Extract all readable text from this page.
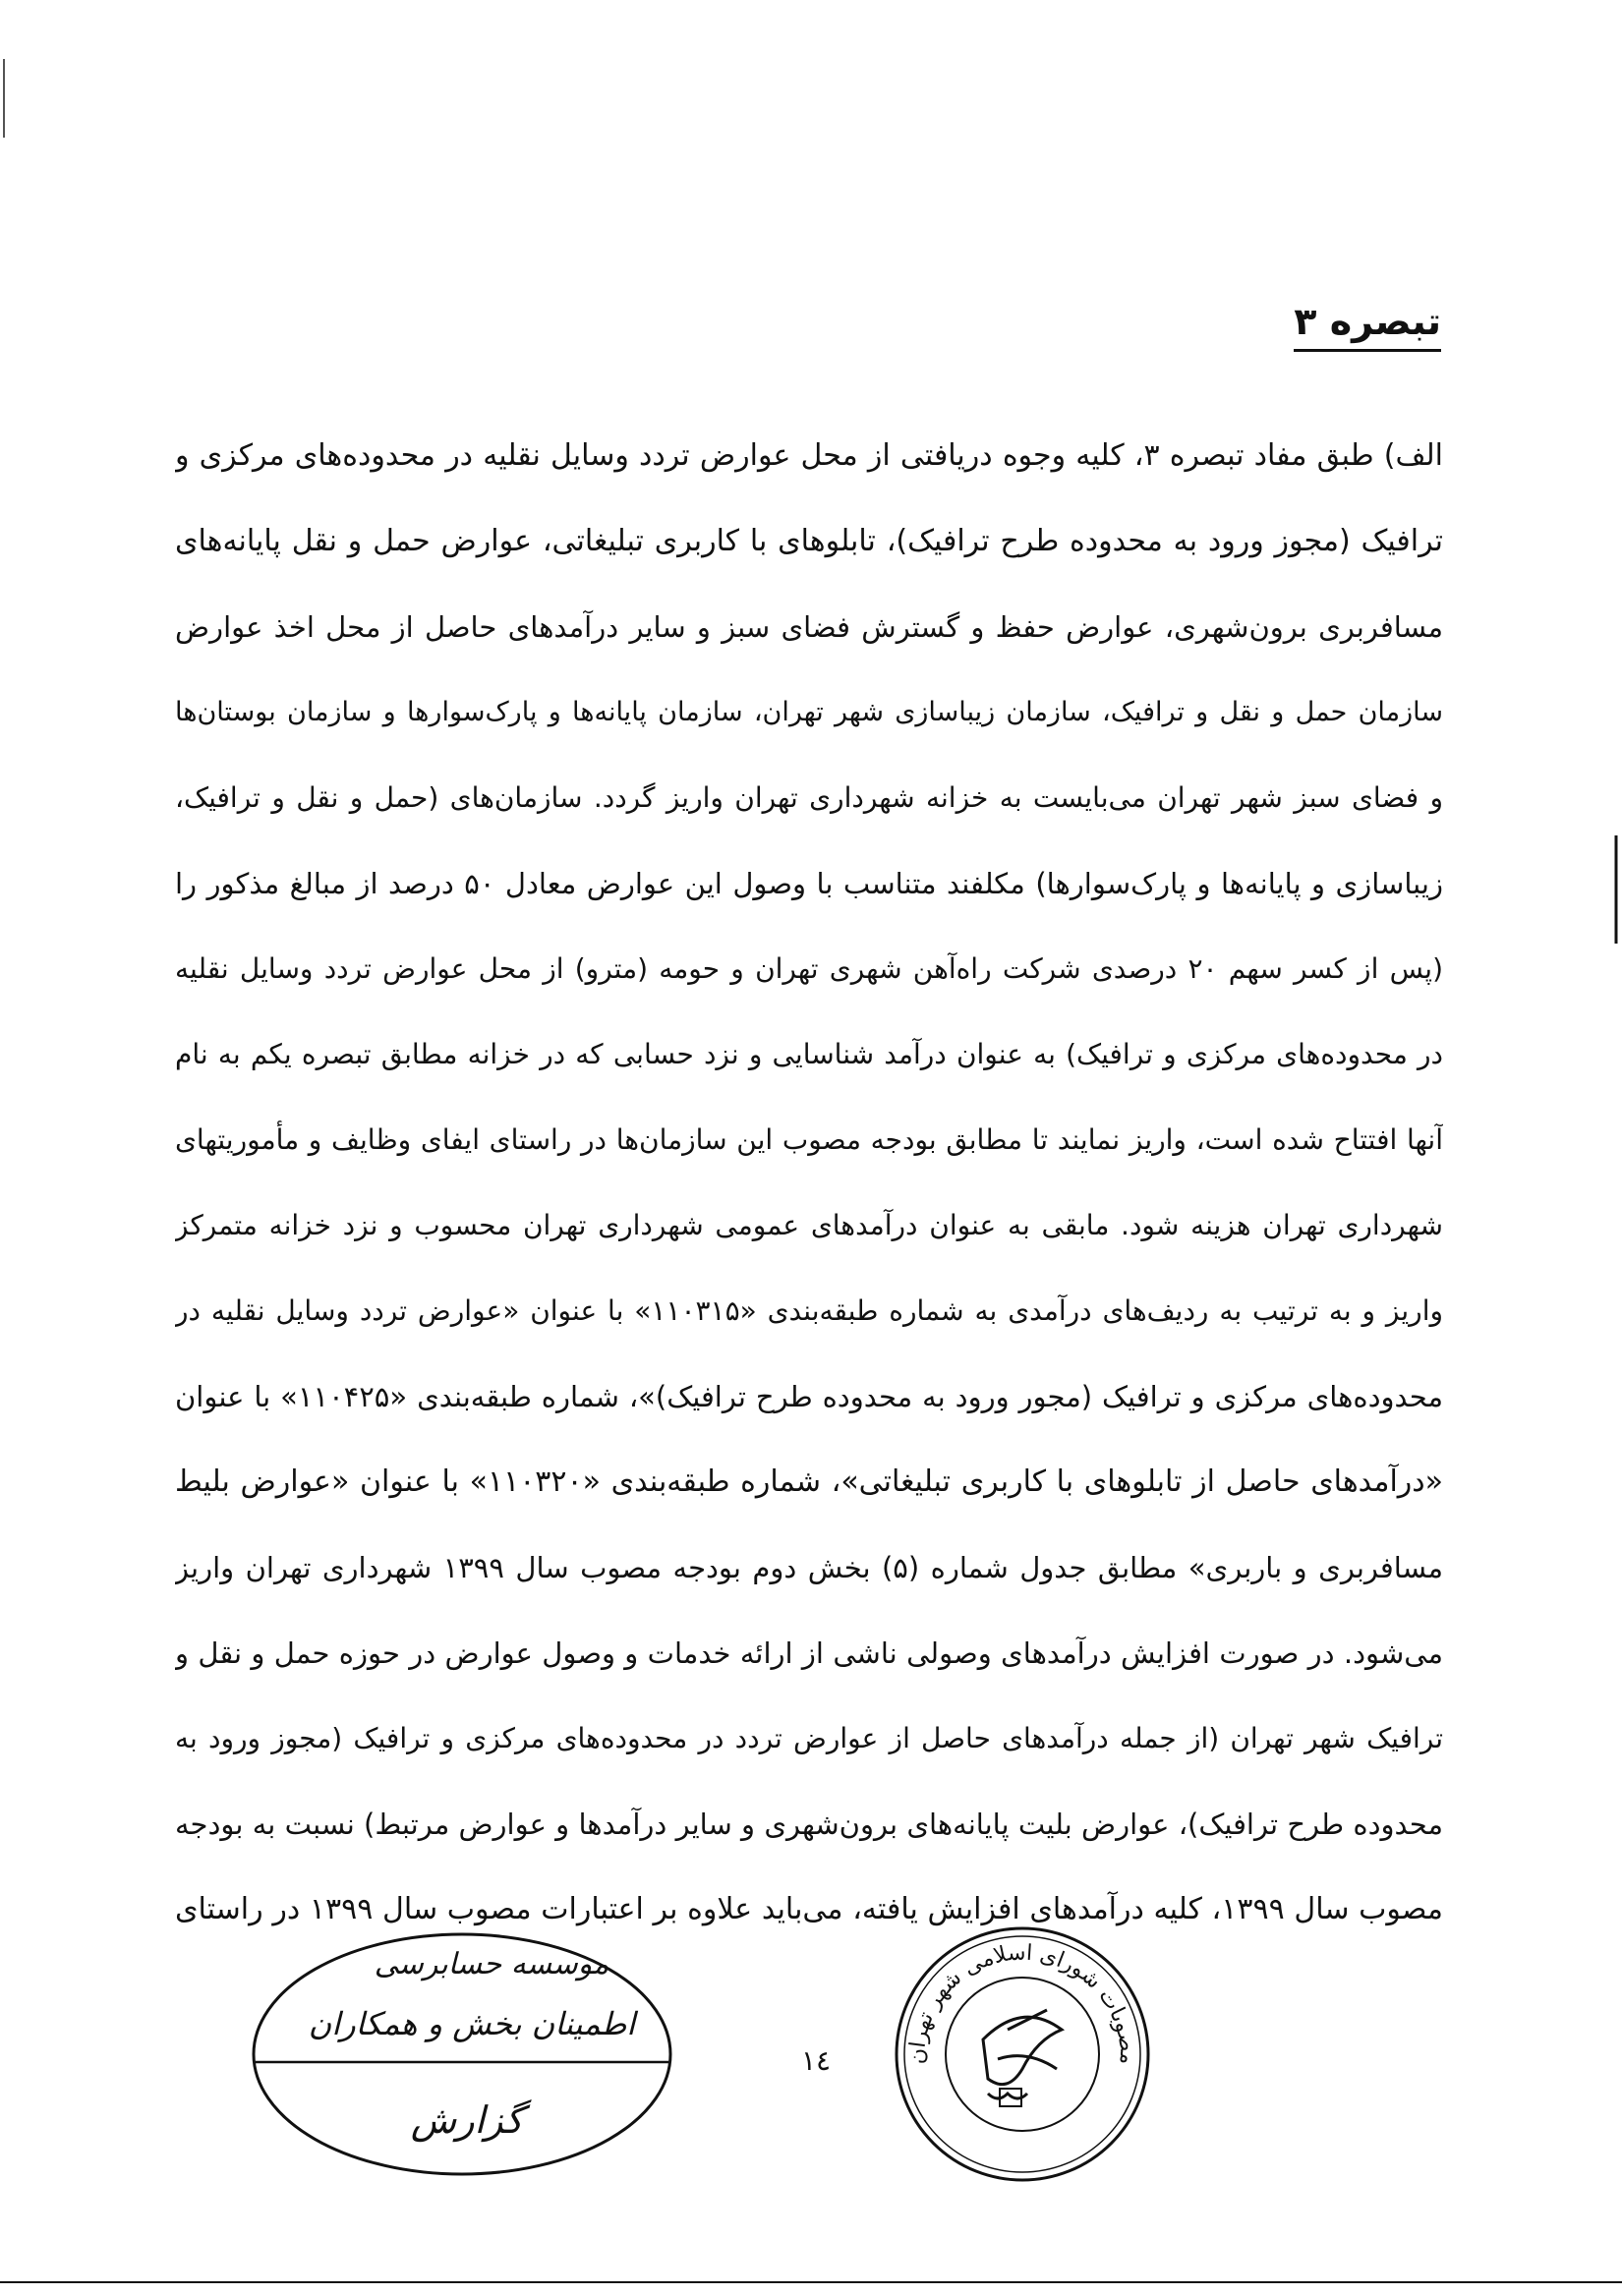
تبصره ۳
الف) طبق مفاد تبصره ۳، کلیه وجوه دریافتی از محل عوارض تردد وسایل نقلیه در محدوده‌های مرکزی و
ترافیک (مجوز ورود به محدوده طرح ترافیک)، تابلوهای با کاربری تبلیغاتی، عوارض حمل و نقل پایانه‌های
مسافربری برون‌شهری، عوارض حفظ و گسترش فضای سبز و سایر درآمدهای حاصل از محل اخذ عوارض
سازمان حمل و نقل و ترافیک، سازمان زیباسازی شهر تهران، سازمان پایانه‌ها و پارک‌سوارها و سازمان بوستان‌ها
و فضای سبز شهر تهران می‌بایست به خزانه شهرداری تهران واریز گردد. سازمان‌های (حمل و نقل و ترافیک،
زیباسازی و پایانه‌ها و پارک‌سوارها) مکلفند متناسب با وصول این عوارض معادل ۵۰ درصد از مبالغ مذکور را
(پس از کسر سهم ۲۰ درصدی شرکت راه‌آهن شهری تهران و حومه (مترو) از محل عوارض تردد وسایل نقلیه
در محدوده‌های مرکزی و ترافیک) به عنوان درآمد شناسایی و نزد حسابی که در خزانه مطابق تبصره یکم به نام
آنها افتتاح شده است، واریز نمایند تا مطابق بودجه مصوب این سازمان‌ها در راستای ایفای وظایف و مأموریتهای
شهرداری تهران هزینه شود. مابقی به عنوان درآمدهای عمومی شهرداری تهران محسوب و نزد خزانه متمرکز
واریز و به ترتیب به ردیف‌های درآمدی به شماره طبقه‌بندی «۱۱۰۳۱۵» با عنوان «عوارض تردد وسایل نقلیه در
محدوده‌های مرکزی و ترافیک (مجور ورود به محدوده طرح ترافیک)»، شماره طبقه‌بندی «۱۱۰۴۲۵» با عنوان
«درآمدهای حاصل از تابلوهای با کاربری تبلیغاتی»، شماره طبقه‌بندی «۱۱۰۳۲۰» با عنوان «عوارض بلیط
مسافربری و باربری» مطابق جدول شماره (۵) بخش دوم بودجه مصوب سال ۱۳۹۹ شهرداری تهران واریز
می‌شود. در صورت افزایش درآمدهای وصولی ناشی از ارائه خدمات و وصول عوارض در حوزه حمل و نقل و
ترافیک شهر تهران (از جمله درآمدهای حاصل از عوارض تردد در محدوده‌های مرکزی و ترافیک (مجوز ورود به
محدوده طرح ترافیک)، عوارض بلیت پایانه‌های برون‌شهری و سایر درآمدها و عوارض مرتبط) نسبت به بودجه
مصوب سال ۱۳۹۹، کلیه درآمدهای افزایش یافته، می‌باید علاوه بر اعتبارات مصوب سال ۱۳۹۹ در راستای
موسسه حسابرسی
اطمینان بخش و همکاران
گزارش
۱٤	مصوبات شورای اسلامی شهر تهران
